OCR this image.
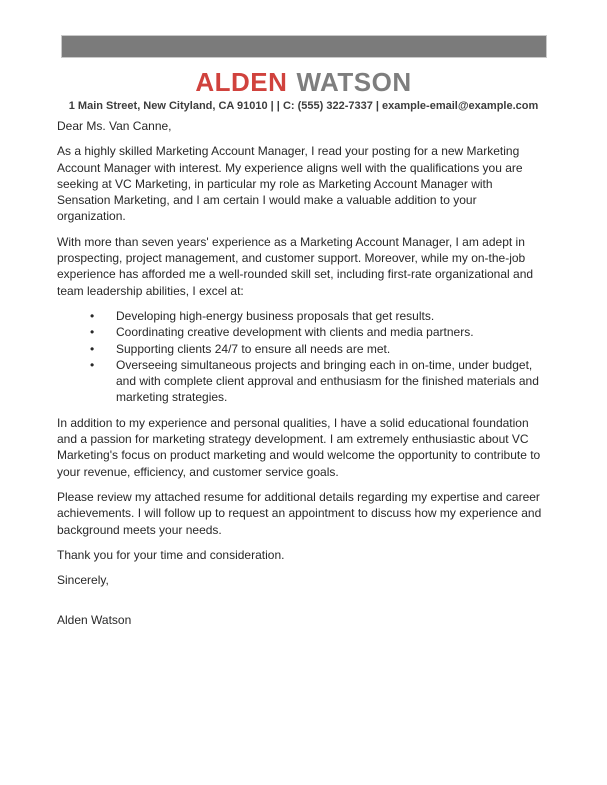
ALDEN WATSON
1 Main Street, New Cityland, CA 91010 | | C: (555) 322-7337 | example-email@example.com

Dear Ms. Van Canne,

As a highly skilled Marketing Account Manager, I read your posting for a new Marketing Account Manager with interest. My experience aligns well with the qualifications you are seeking at VC Marketing, in particular my role as Marketing Account Manager with Sensation Marketing, and I am certain I would make a valuable addition to your organization.

With more than seven years' experience as a Marketing Account Manager, I am adept in prospecting, project management, and customer support. Moreover, while my on-the-job experience has afforded me a well-rounded skill set, including first-rate organizational and team leadership abilities, I excel at:

• Developing high-energy business proposals that get results.
• Coordinating creative development with clients and media partners.
• Supporting clients 24/7 to ensure all needs are met.
• Overseeing simultaneous projects and bringing each in on-time, under budget, and with complete client approval and enthusiasm for the finished materials and marketing strategies.

In addition to my experience and personal qualities, I have a solid educational foundation and a passion for marketing strategy development. I am extremely enthusiastic about VC Marketing's focus on product marketing and would welcome the opportunity to contribute to your revenue, efficiency, and customer service goals.

Please review my attached resume for additional details regarding my expertise and career achievements. I will follow up to request an appointment to discuss how my experience and background meets your needs.

Thank you for your time and consideration.

Sincerely,

Alden Watson
